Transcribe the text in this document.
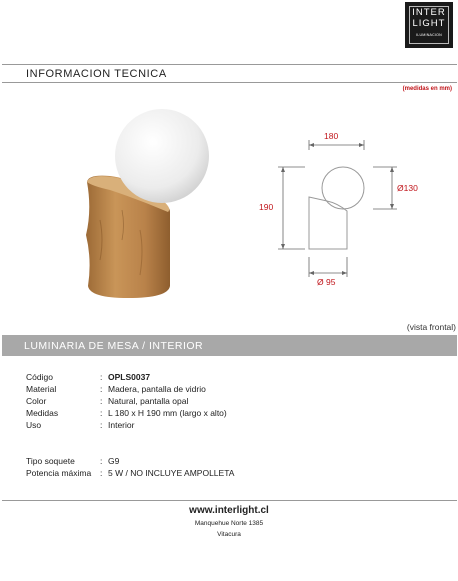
INTER
LIGHT
ILUMINACION
INFORMACION TECNICA
(medidas en mm)
180
190
Ø130
Ø 95
(vista frontal)
LUMINARIA DE MESA / INTERIOR
Código	: OPLS0037
Material	: Madera, pantalla de vidrio
Color	: Natural, pantalla opal
Medidas	: L 180 x H 190 mm (largo x alto)
Uso	: Interior
Tipo soquete	: G9
Potencia máxima : 5 W / NO INCLUYE AMPOLLETA
www.interlight.cl
Manquehue Norte 1385
Vitacura
